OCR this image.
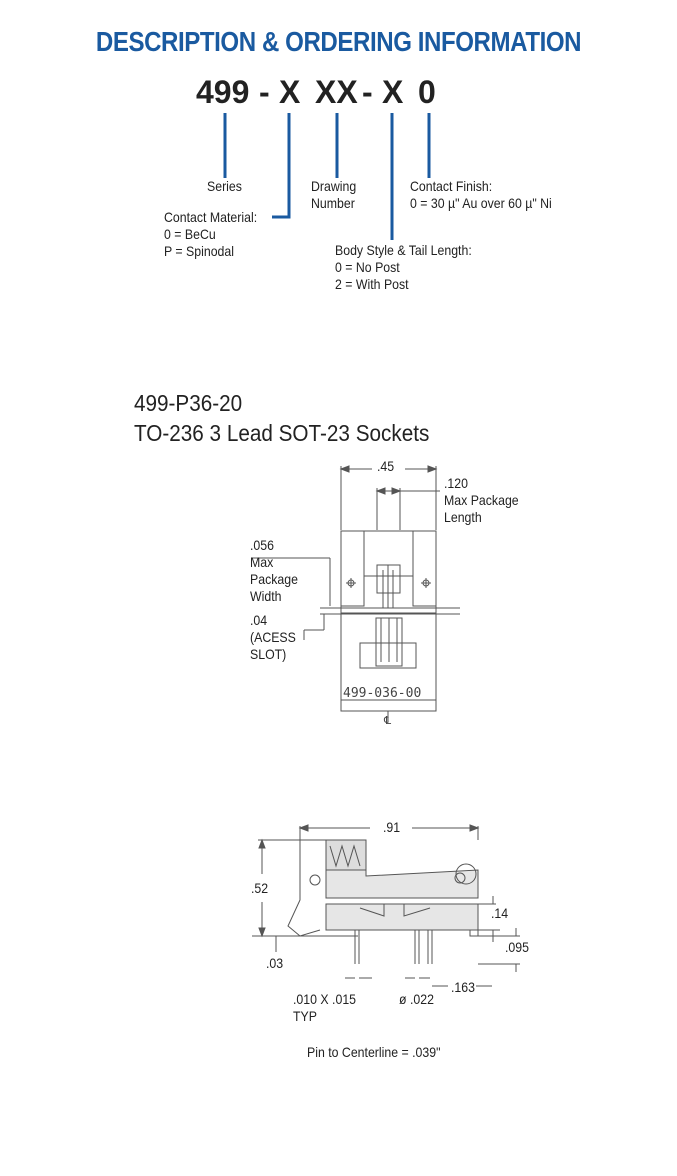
DESCRIPTION & ORDERING INFORMATION
499 - X XX - X 0
Series	Drawing
Number
Contact Finish:
0 = 30 µ" Au over 60 µ" Ni
Contact Material:
0 = BeCu
P = Spinodal	Body Style & Tail Length:
0 = No Post
2 = With Post
499-P36-20
TO-236 3 Lead SOT-23 Sockets
499-036-00
℄
.45
.120
Max Package
Length
.056
Max
Package
Width
.04
(ACESS
SLOT)
.91
.52
.14
.095
.03
.163
.010 X .015
TYP
ø .022
Pin to Centerline = .039"
